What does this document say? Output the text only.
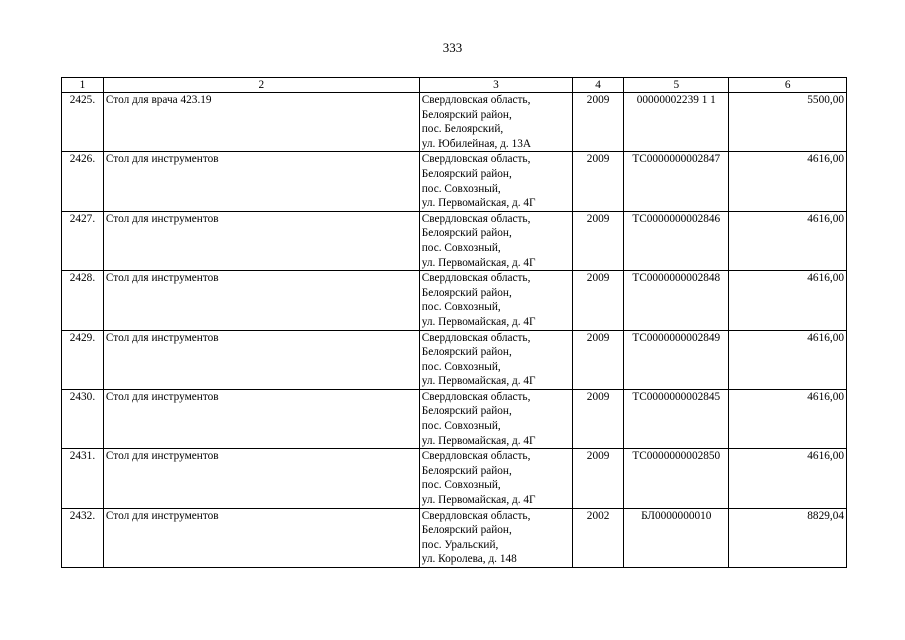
333
1	2	3	4	5	6
2425.	Стол для врача 423.19	Свердловская область,
Белоярский район,
пос. Белоярский,
ул. Юбилейная, д. 13А	2009	00000002239 1 1	5500,00
2426.	Стол для инструментов	Свердловская область,
Белоярский район,
пос. Совхозный,
ул. Первомайская, д. 4Г	2009	ТС0000000002847	4616,00
2427.	Стол для инструментов	Свердловская область,
Белоярский район,
пос. Совхозный,
ул. Первомайская, д. 4Г	2009	ТС0000000002846	4616,00
2428.	Стол для инструментов	Свердловская область,
Белоярский район,
пос. Совхозный,
ул. Первомайская, д. 4Г	2009	ТС0000000002848	4616,00
2429.	Стол для инструментов	Свердловская область,
Белоярский район,
пос. Совхозный,
ул. Первомайская, д. 4Г	2009	ТС0000000002849	4616,00
2430.	Стол для инструментов	Свердловская область,
Белоярский район,
пос. Совхозный,
ул. Первомайская, д. 4Г	2009	ТС0000000002845	4616,00
2431.	Стол для инструментов	Свердловская область,
Белоярский район,
пос. Совхозный,
ул. Первомайская, д. 4Г	2009	ТС0000000002850	4616,00
2432.	Стол для инструментов	Свердловская область,
Белоярский район,
пос. Уральский,
ул. Королева, д. 148	2002	БЛ0000000010	8829,04
